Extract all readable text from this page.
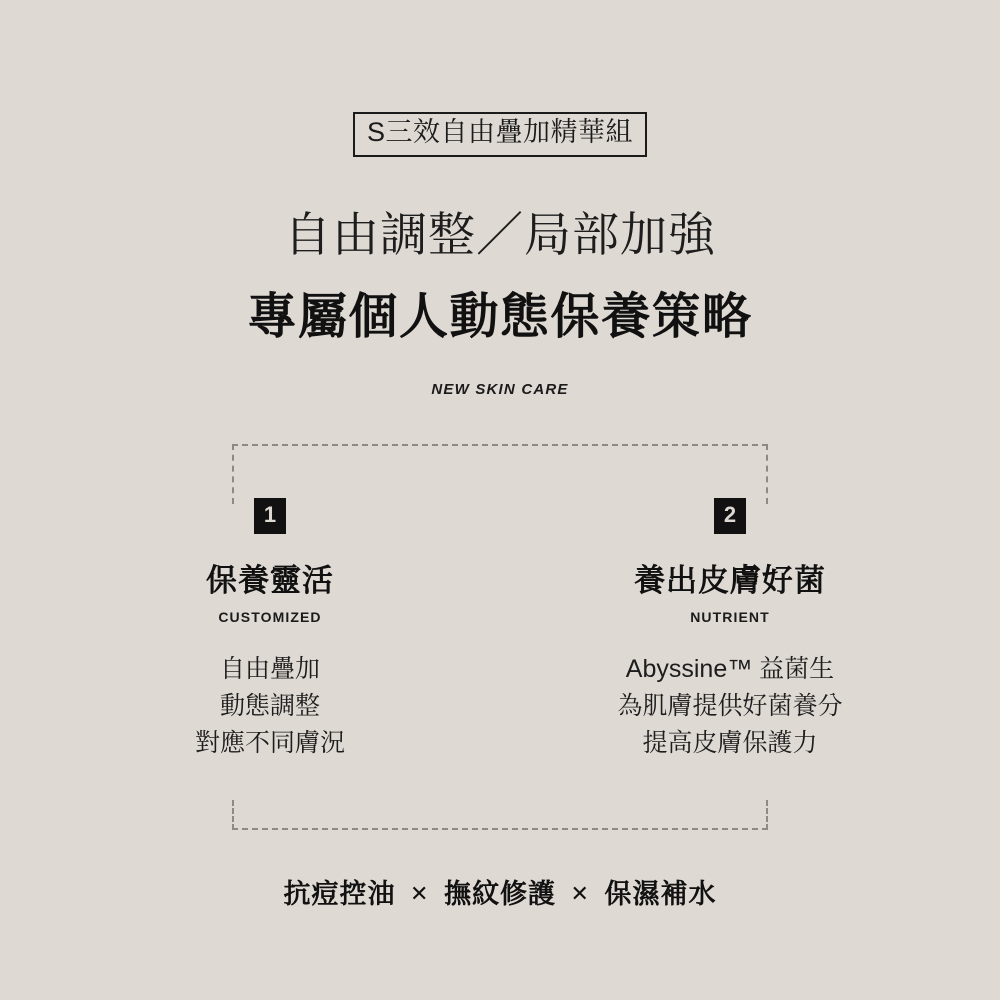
S三效自由疊加精華組
自由調整／局部加強
專屬個人動態保養策略
NEW SKIN CARE
1
保養靈活
CUSTOMIZED
自由疊加
動態調整
對應不同膚況
2
養出皮膚好菌
NUTRIENT
Abyssine™ 益菌生
為肌膚提供好菌養分
提高皮膚保護力
抗痘控油 ✕ 撫紋修護 ✕ 保濕補水
